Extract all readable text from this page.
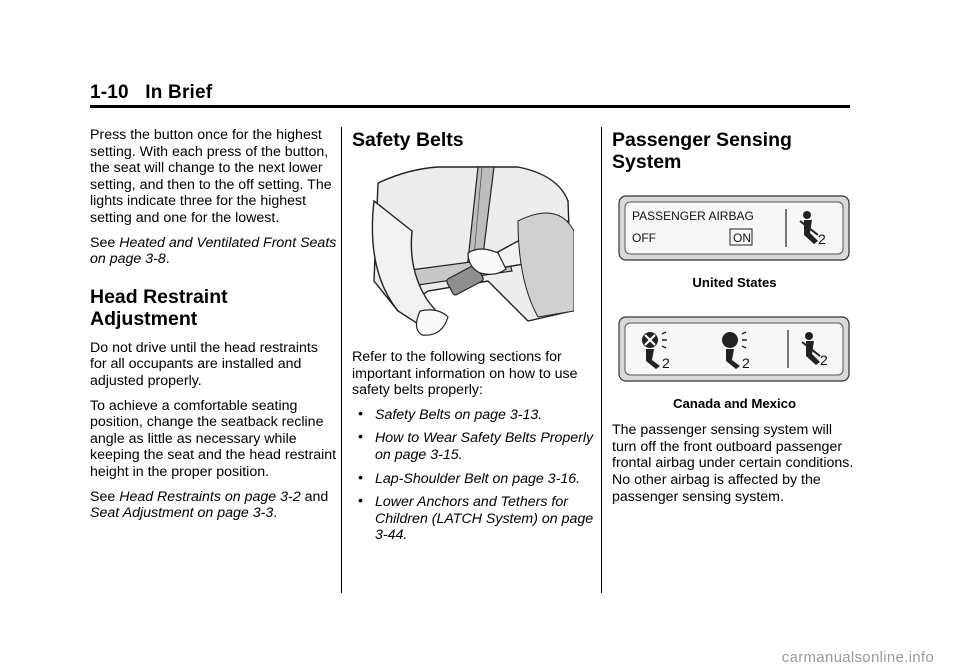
1-10 In Brief

Press the button once for the highest setting. With each press of the button, the seat will change to the next lower setting, and then to the off setting. The lights indicate three for the highest setting and one for the lowest.

See Heated and Ventilated Front Seats on page 3-8.

Head Restraint Adjustment

Do not drive until the head restraints for all occupants are installed and adjusted properly.

To achieve a comfortable seating position, change the seatback recline angle as little as necessary while keeping the seat and the head restraint height in the proper position.

See Head Restraints on page 3-2 and Seat Adjustment on page 3-3.

Safety Belts

Refer to the following sections for important information on how to use safety belts properly:

• Safety Belts on page 3-13.
• How to Wear Safety Belts Properly on page 3-15.
• Lap-Shoulder Belt on page 3-16.
• Lower Anchors and Tethers for Children (LATCH System) on page 3-44.
Passenger Sensing System
PASSENGER AIRBAG
OFF	ON	2
United States
2	2	2
Canada and Mexico

The passenger sensing system will turn off the front outboard passenger frontal airbag under certain conditions. No other airbag is affected by the passenger sensing system.

carmanualsonline.info
